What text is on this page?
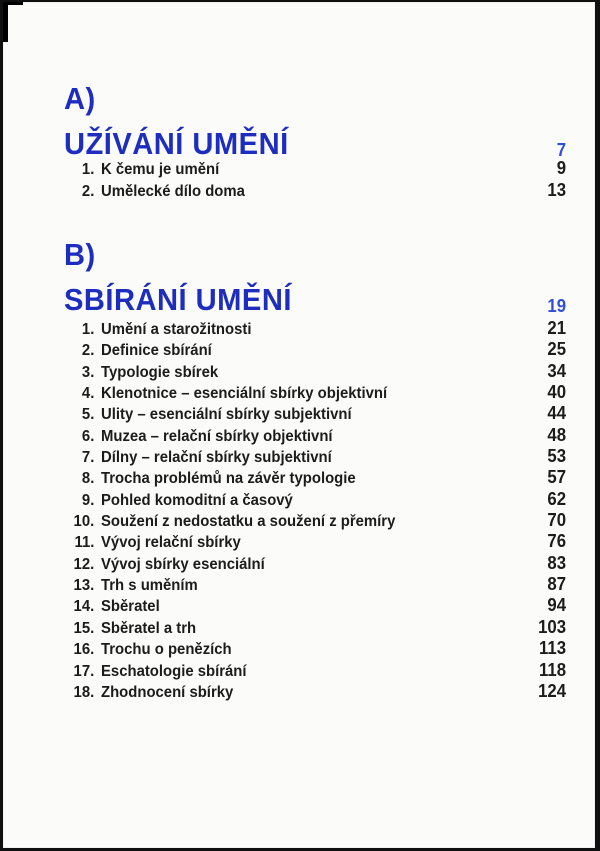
A)
UŽÍVÁNÍ UMĚNÍ	7
1. K čemu je umění	9
2. Umělecké dílo doma	13
B)
SBÍRÁNÍ UMĚNÍ	19
1. Umění a starožitnosti	21
2. Definice sbírání	25
3. Typologie sbírek	34
4. Klenotnice – esenciální sbírky objektivní	40
5. Ulity – esenciální sbírky subjektivní	44
6. Muzea – relační sbírky objektivní	48
7. Dílny – relační sbírky subjektivní	53
8. Trocha problémů na závěr typologie	57
9. Pohled komoditní a časový	62
10. Soužení z nedostatku a soužení z přemíry	70
11. Vývoj relační sbírky	76
12. Vývoj sbírky esenciální	83
13. Trh s uměním	87
14. Sběratel	94
15. Sběratel a trh	103
16. Trochu o penězích	113
17. Eschatologie sbírání	118
18. Zhodnocení sbírky	124
